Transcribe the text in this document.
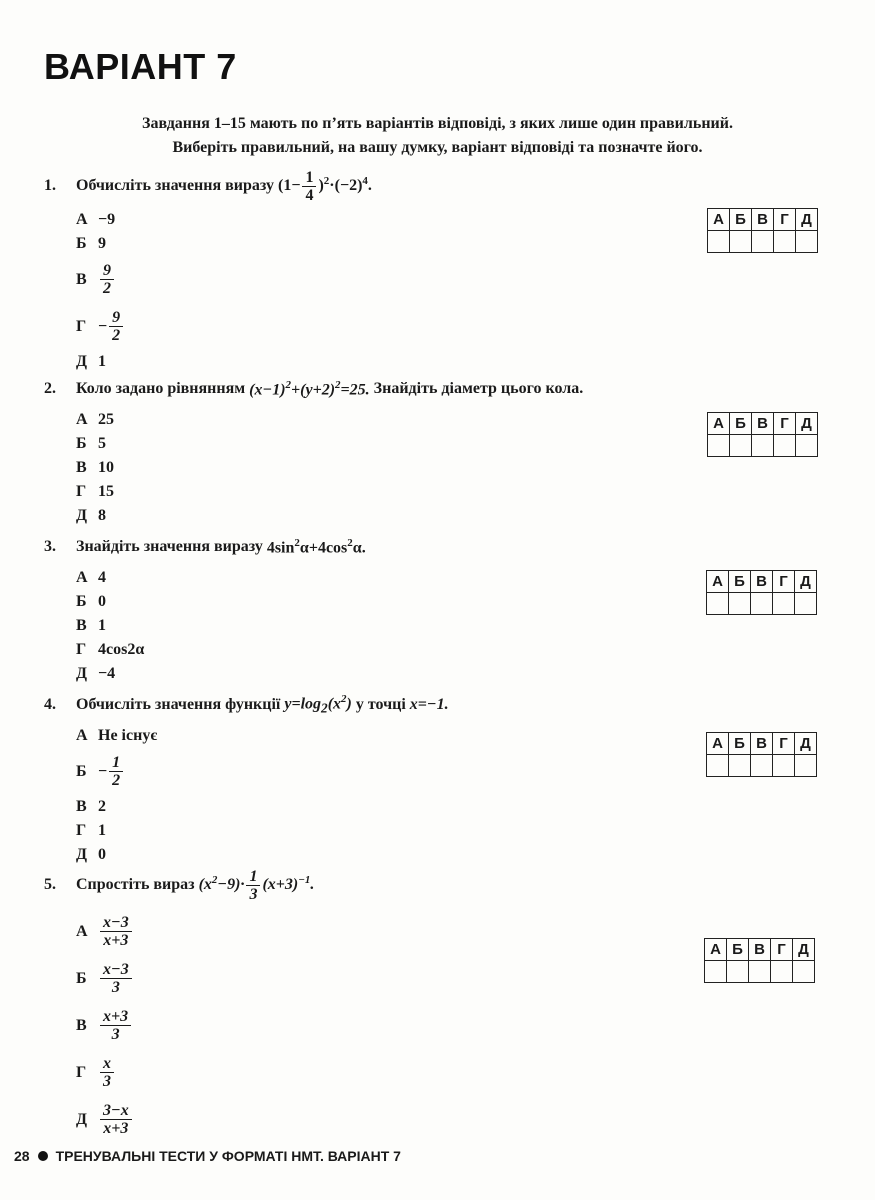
ВАРІАНТ 7
Завдання 1–15 мають по п’ять варіантів відповіді, з яких лише один правильний.
Виберіть правильний, на вашу думку, варіант відповіді та позначте його.
1.	Обчисліть значення виразу
$(1- \frac{1}{4} )^2\cdot(-2)^4$.
А −9
Б 9
В $\frac{9}{2}$
$Г - \frac{9}{2}$
Д 1
2.	Коло задано рівнянням
$(x-1)^2+(y+2)^2=25$.
Знайдіть діаметр цього кола.
А 25
Б 5
В 10
Г 15
Д 8
3.	Знайдіть значення виразу
$4\sin^2\alpha+4\cos^2\alpha$.
А 4
Б 0
В 1
Г 4cos2α
Д −4
4.	Обчисліть значення функції
$y=\log_2(x^2)$
у точці
x=−1.
А Не існує
$Б - \frac{1}{2}$
В 2
Г 1
Д 0
5.	Спростіть вираз
$(x^2-9)\cdot \frac{1}{3} (x+3)^{-1}$.
А $\frac{x-3}{x+3}$
Б $\frac{x-3}{3}$
В $\frac{x+3}{3}$
Г $\frac{x}{3}$
Д $\frac{3-x}{x+3}$
А	Б	В	Г	Д

А	Б	В	Г	Д

А	Б	В	Г	Д

А	Б	В	Г	Д

А	Б	В	Г	Д

28 ТРЕНУВАЛЬНІ ТЕСТИ У ФОРМАТІ НМТ. ВАРІАНТ 7
